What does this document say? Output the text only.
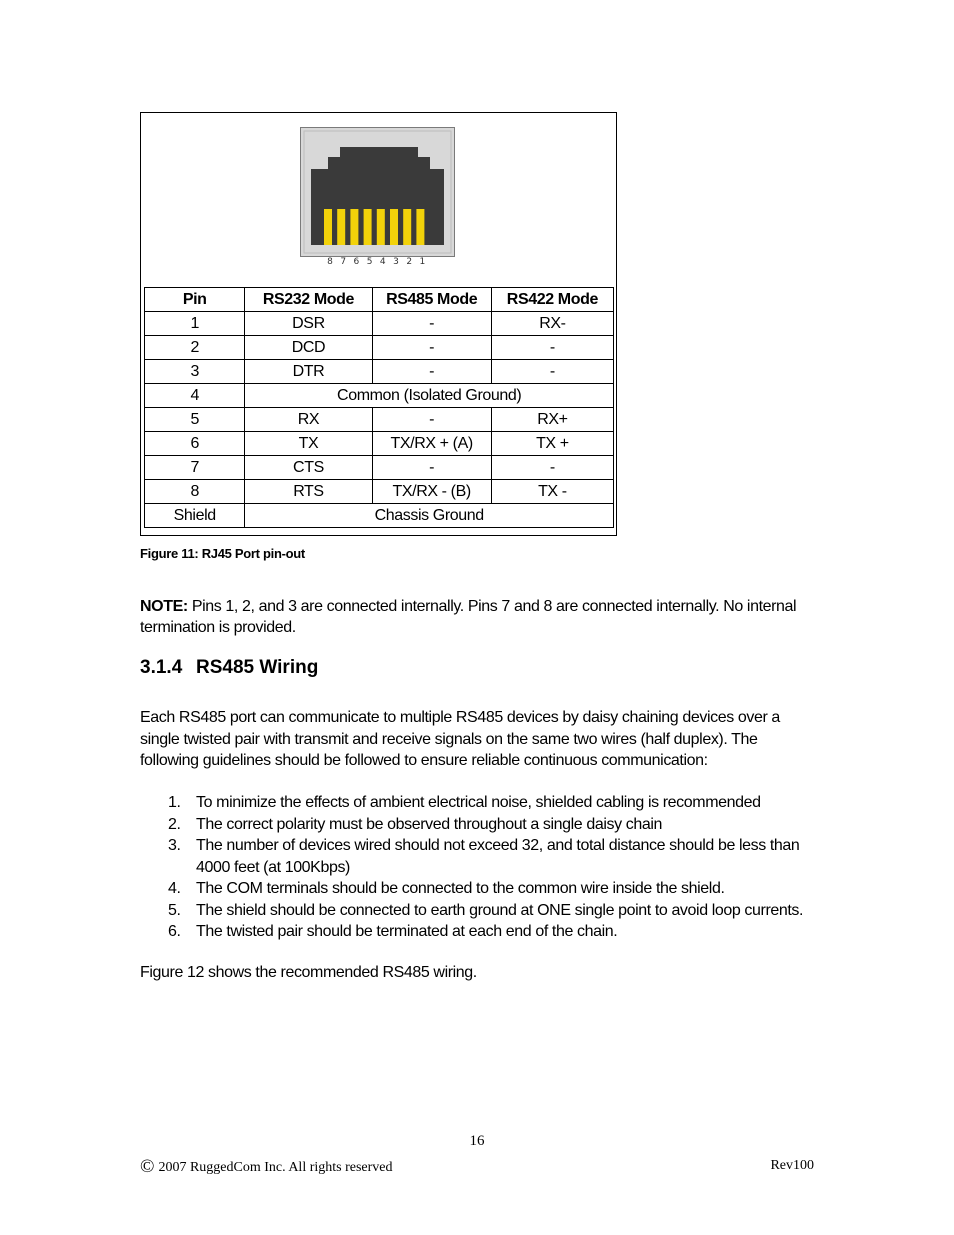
8 7 6 5 4 3 2 1
Pin	RS232 Mode	RS485 Mode	RS422 Mode
1	DSR	-	RX-
2	DCD	-	-
3	DTR	-	-
4	Common (Isolated Ground)		
5	RX	-	RX+
6	TX	TX/RX + (A)	TX +
7	CTS	-	-
8	RTS	TX/RX - (B)	TX -
Shield	Chassis Ground		
Figure 11: RJ45 Port pin-out
NOTE: Pins 1, 2, and 3 are connected internally. Pins 7 and 8 are connected internally. No internal termination is provided.
3.1.4 RS485 Wiring
Each RS485 port can communicate to multiple RS485 devices by daisy chaining devices over a single twisted pair with transmit and receive signals on the same two wires (half duplex). The following guidelines should be followed to ensure reliable continuous communication:
1. To minimize the effects of ambient electrical noise, shielded cabling is recommended
2. The correct polarity must be observed throughout a single daisy chain
3. The number of devices wired should not exceed 32, and total distance should be less than 4000 feet (at 100Kbps)
4. The COM terminals should be connected to the common wire inside the shield.
5. The shield should be connected to earth ground at ONE single point to avoid loop currents.
6. The twisted pair should be terminated at each end of the chain.
Figure 12 shows the recommended RS485 wiring.
16
© 2007 RuggedCom Inc. All rights reserved	Rev100
